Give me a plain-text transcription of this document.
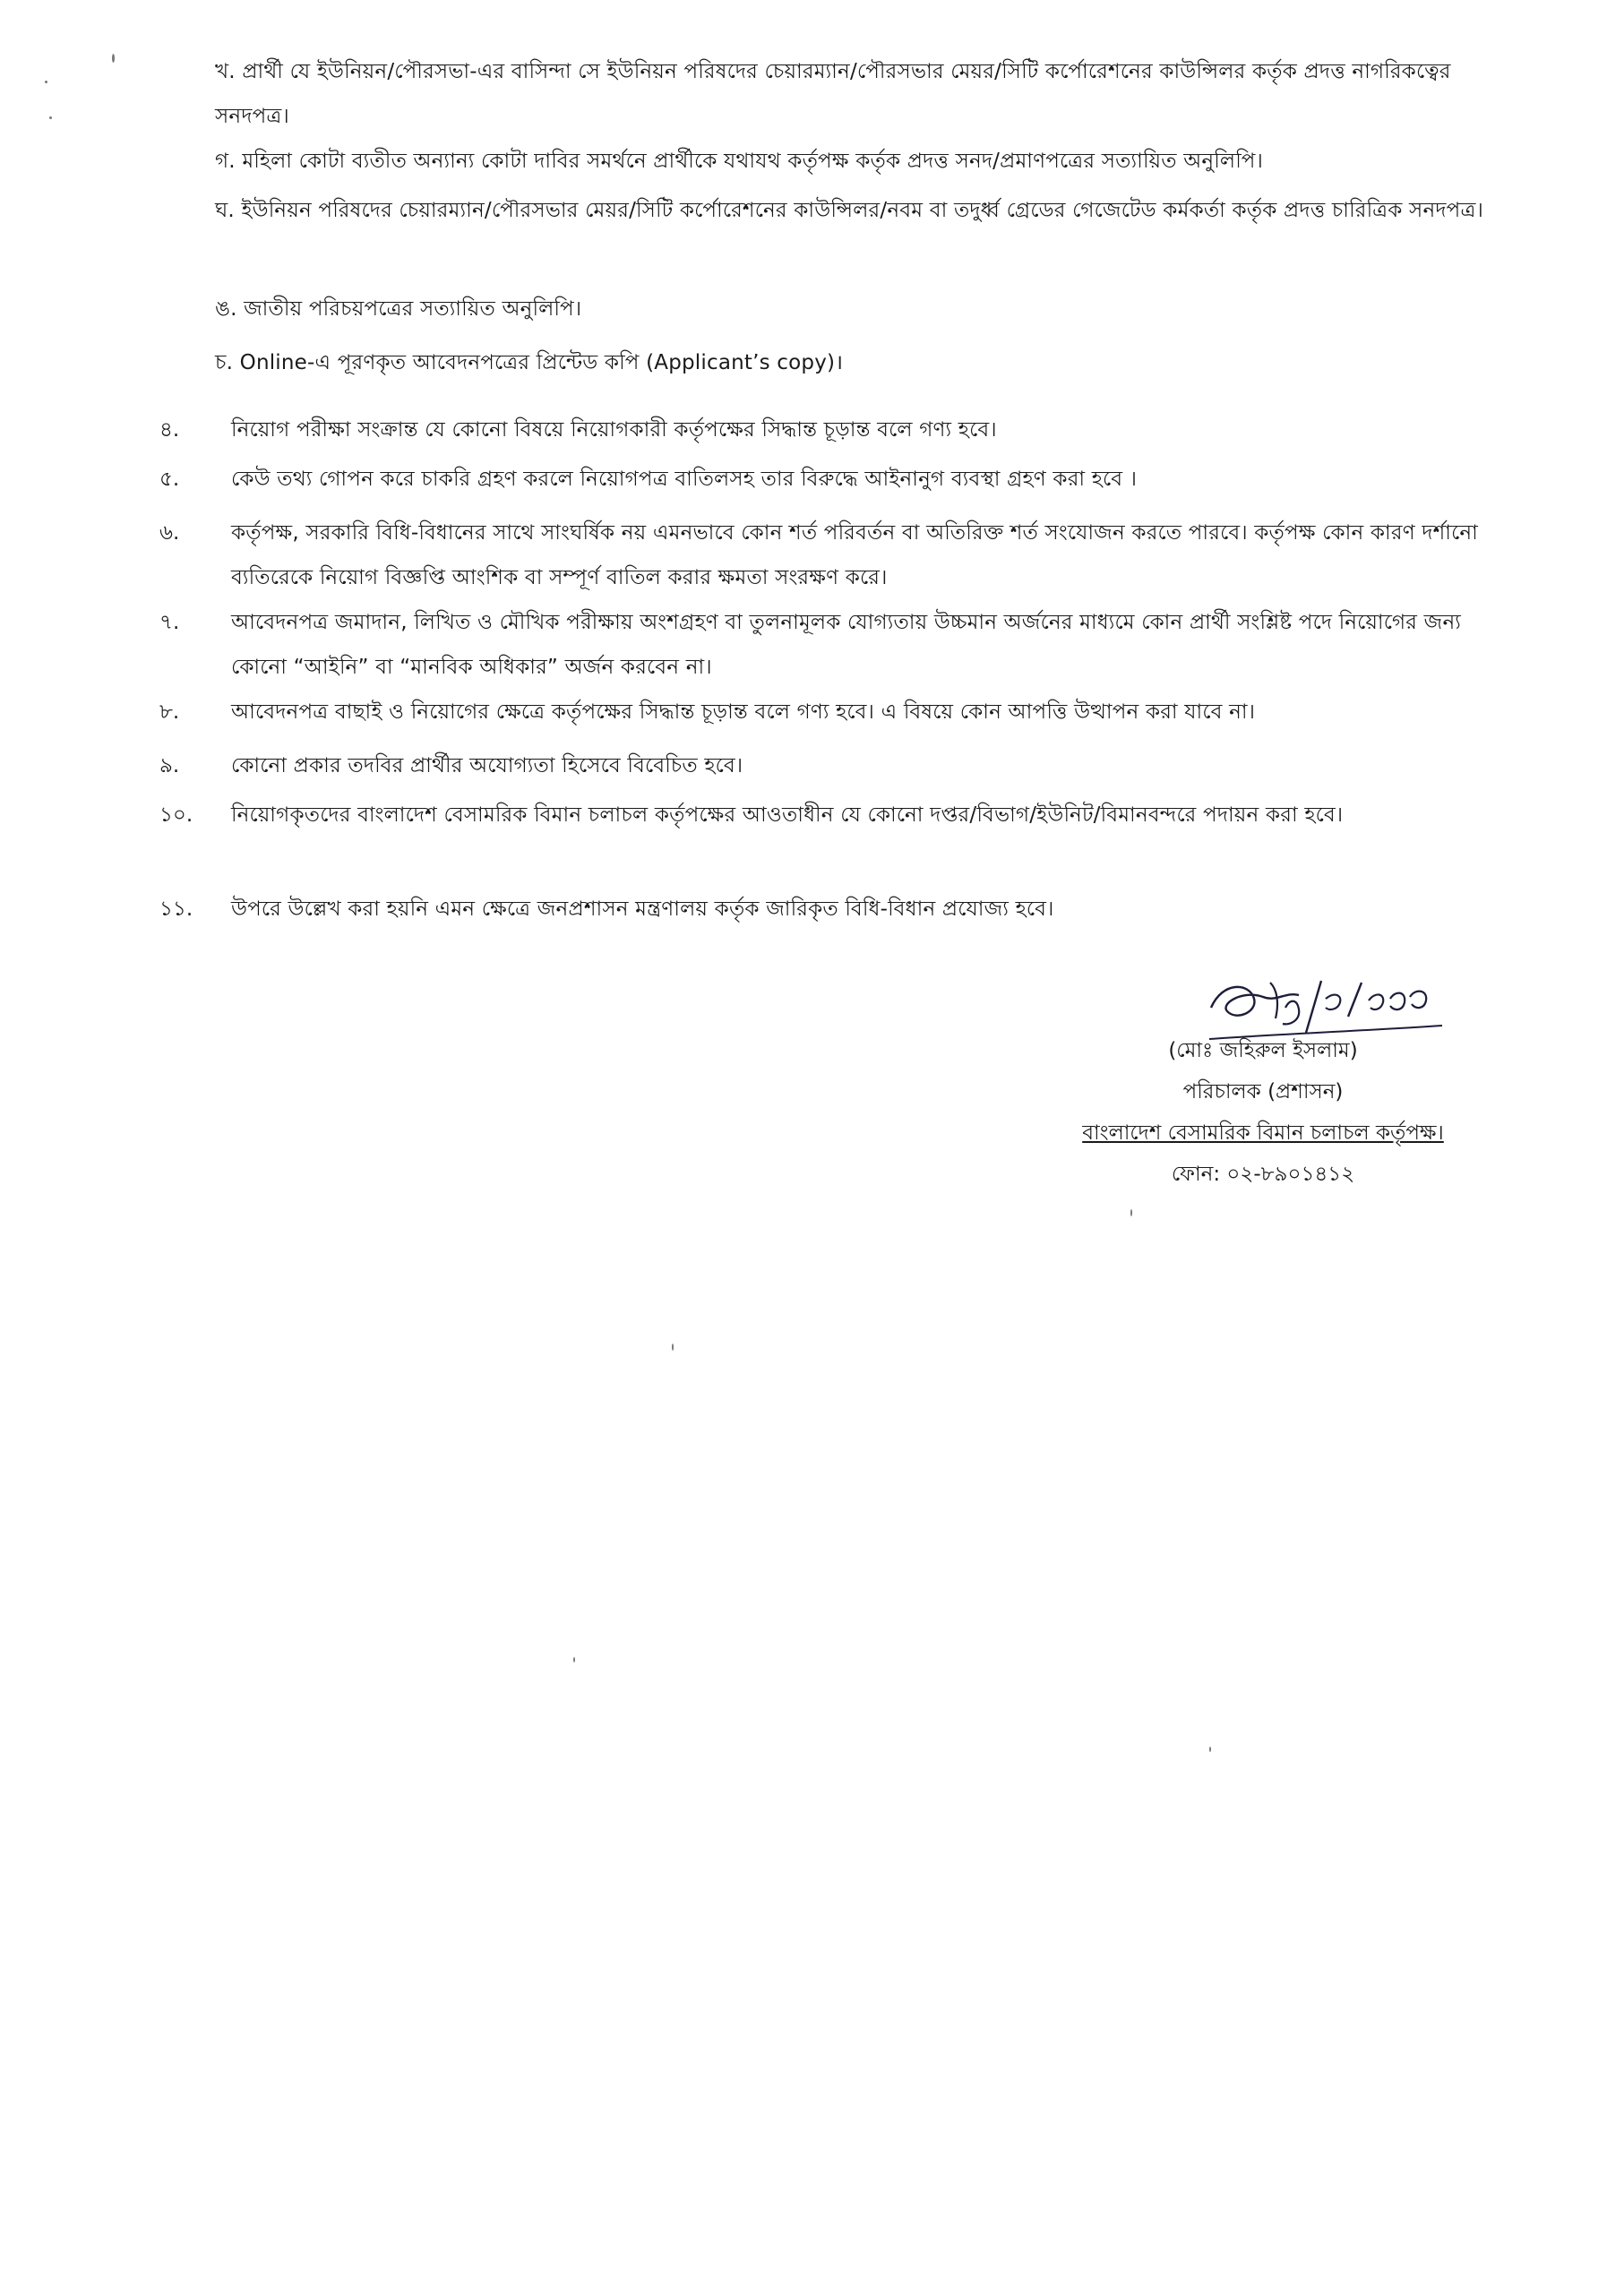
খ. প্রার্থী যে ইউনিয়ন/পৌরসভা-এর বাসিন্দা সে ইউনিয়ন পরিষদের চেয়ারম্যান/পৌরসভার মেয়র/সিটি কর্পোরেশনের কাউন্সিলর কর্তৃক প্রদত্ত নাগরিকত্বের সনদপত্র।
গ. মহিলা কোটা ব্যতীত অন্যান্য কোটা দাবির সমর্থনে প্রার্থীকে যথাযথ কর্তৃপক্ষ কর্তৃক প্রদত্ত সনদ/প্রমাণপত্রের সত্যায়িত অনুলিপি।
ঘ. ইউনিয়ন পরিষদের চেয়ারম্যান/পৌরসভার মেয়র/সিটি কর্পোরেশনের কাউন্সিলর/নবম বা তদুর্ধ্ব গ্রেডের গেজেটেড কর্মকর্তা কর্তৃক প্রদত্ত চারিত্রিক সনদপত্র।
ঙ. জাতীয় পরিচয়পত্রের সত্যায়িত অনুলিপি।
চ. Online-এ পূরণকৃত আবেদনপত্রের প্রিন্টেড কপি (Applicant’s copy)।
৪.	নিয়োগ পরীক্ষা সংক্রান্ত যে কোনো বিষয়ে নিয়োগকারী কর্তৃপক্ষের সিদ্ধান্ত চূড়ান্ত বলে গণ্য হবে।
৫.	কেউ তথ্য গোপন করে চাকরি গ্রহণ করলে নিয়োগপত্র বাতিলসহ তার বিরুদ্ধে আইনানুগ ব্যবস্থা গ্রহণ করা হবে ।
৬.	কর্তৃপক্ষ, সরকারি বিধি-বিধানের সাথে সাংঘর্ষিক নয় এমনভাবে কোন শর্ত পরিবর্তন বা অতিরিক্ত শর্ত সংযোজন করতে পারবে। কর্তৃপক্ষ কোন কারণ দর্শানো ব্যতিরেকে নিয়োগ বিজ্ঞপ্তি আংশিক বা সম্পূর্ণ বাতিল করার ক্ষমতা সংরক্ষণ করে।
৭.	আবেদনপত্র জমাদান, লিখিত ও মৌখিক পরীক্ষায় অংশগ্রহণ বা তুলনামূলক যোগ্যতায় উচ্চমান অর্জনের মাধ্যমে কোন প্রার্থী সংশ্লিষ্ট পদে নিয়োগের জন্য কোনো “আইনি” বা “মানবিক অধিকার” অর্জন করবেন না।
৮.	আবেদনপত্র বাছাই ও নিয়োগের ক্ষেত্রে কর্তৃপক্ষের সিদ্ধান্ত চূড়ান্ত বলে গণ্য হবে। এ বিষয়ে কোন আপত্তি উত্থাপন করা যাবে না।
৯.	কোনো প্রকার তদবির প্রার্থীর অযোগ্যতা হিসেবে বিবেচিত হবে।
১০. নিয়োগকৃতদের বাংলাদেশ বেসামরিক বিমান চলাচল কর্তৃপক্ষের আওতাধীন যে কোনো দপ্তর/বিভাগ/ইউনিট/বিমানবন্দরে পদায়ন করা হবে।
১১. উপরে উল্লেখ করা হয়নি এমন ক্ষেত্রে জনপ্রশাসন মন্ত্রণালয় কর্তৃক জারিকৃত বিধি-বিধান প্রযোজ্য হবে।
(মোঃ জহিরুল ইসলাম)
পরিচালক (প্রশাসন)
বাংলাদেশ বেসামরিক বিমান চলাচল কর্তৃপক্ষ।
ফোন: ০২-৮৯০১৪১২
